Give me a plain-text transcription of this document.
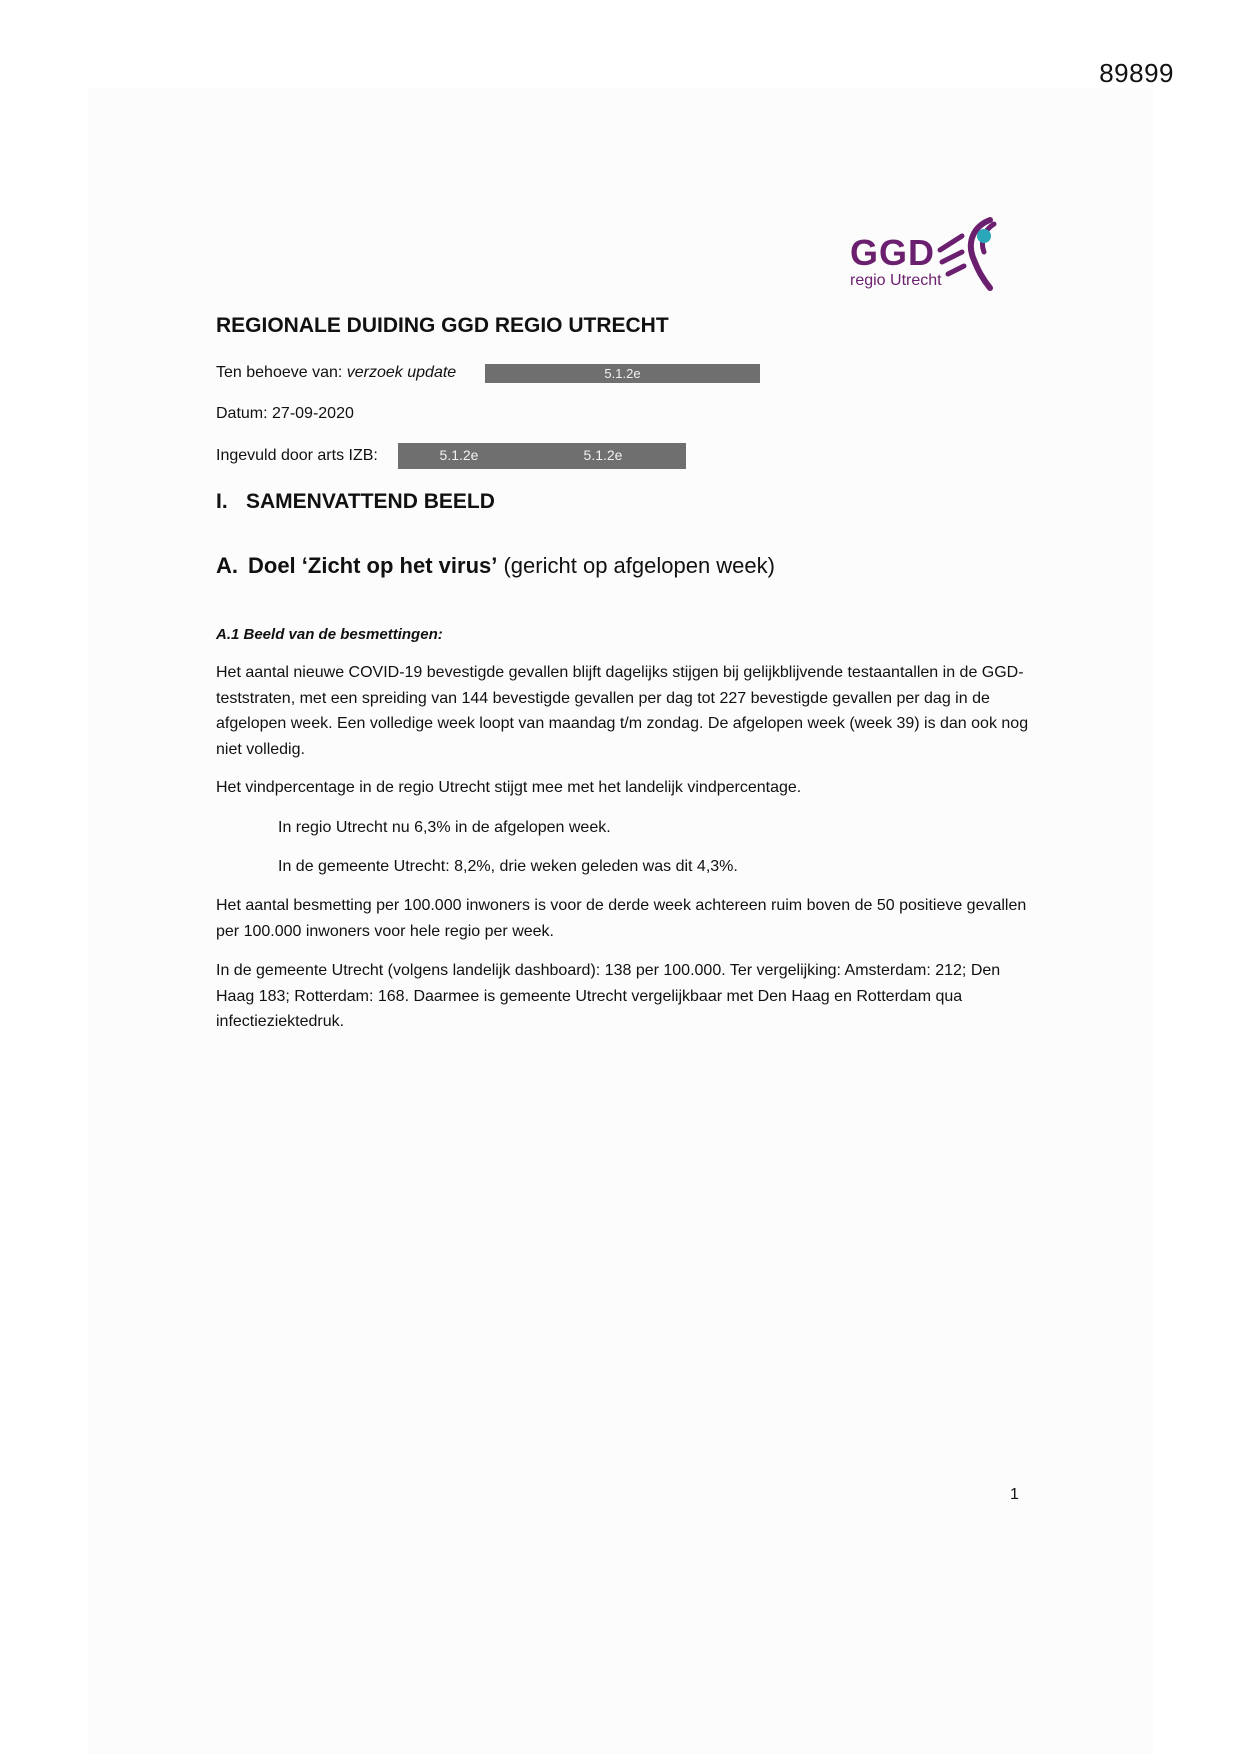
89899
GGD
regio Utrecht
REGIONALE DUIDING GGD REGIO UTRECHT
Ten behoeve van: verzoek update	5.1.2e
Datum: 27-09-2020
Ingevuld door arts IZB:	5.1.2e	5.1.2e
I. SAMENVATTEND BEELD
A. Doel ‘Zicht op het virus’ (gericht op afgelopen week)
A.1 Beeld van de besmettingen:
Het aantal nieuwe COVID-19 bevestigde gevallen blijft dagelijks stijgen bij gelijkblijvende testaantallen in de GGD-teststraten, met een spreiding van 144 bevestigde gevallen per dag tot 227 bevestigde gevallen per dag in de afgelopen week. Een volledige week loopt van maandag t/m zondag. De afgelopen week (week 39) is dan ook nog niet volledig.
Het vindpercentage in de regio Utrecht stijgt mee met het landelijk vindpercentage.
In regio Utrecht nu 6,3% in de afgelopen week.
In de gemeente Utrecht: 8,2%, drie weken geleden was dit 4,3%.
Het aantal besmetting per 100.000 inwoners is voor de derde week achtereen ruim boven de 50 positieve gevallen per 100.000 inwoners voor hele regio per week.
In de gemeente Utrecht (volgens landelijk dashboard): 138 per 100.000. Ter vergelijking: Amsterdam: 212; Den Haag 183; Rotterdam: 168. Daarmee is gemeente Utrecht vergelijkbaar met Den Haag en Rotterdam qua infectieziektedruk.
1
